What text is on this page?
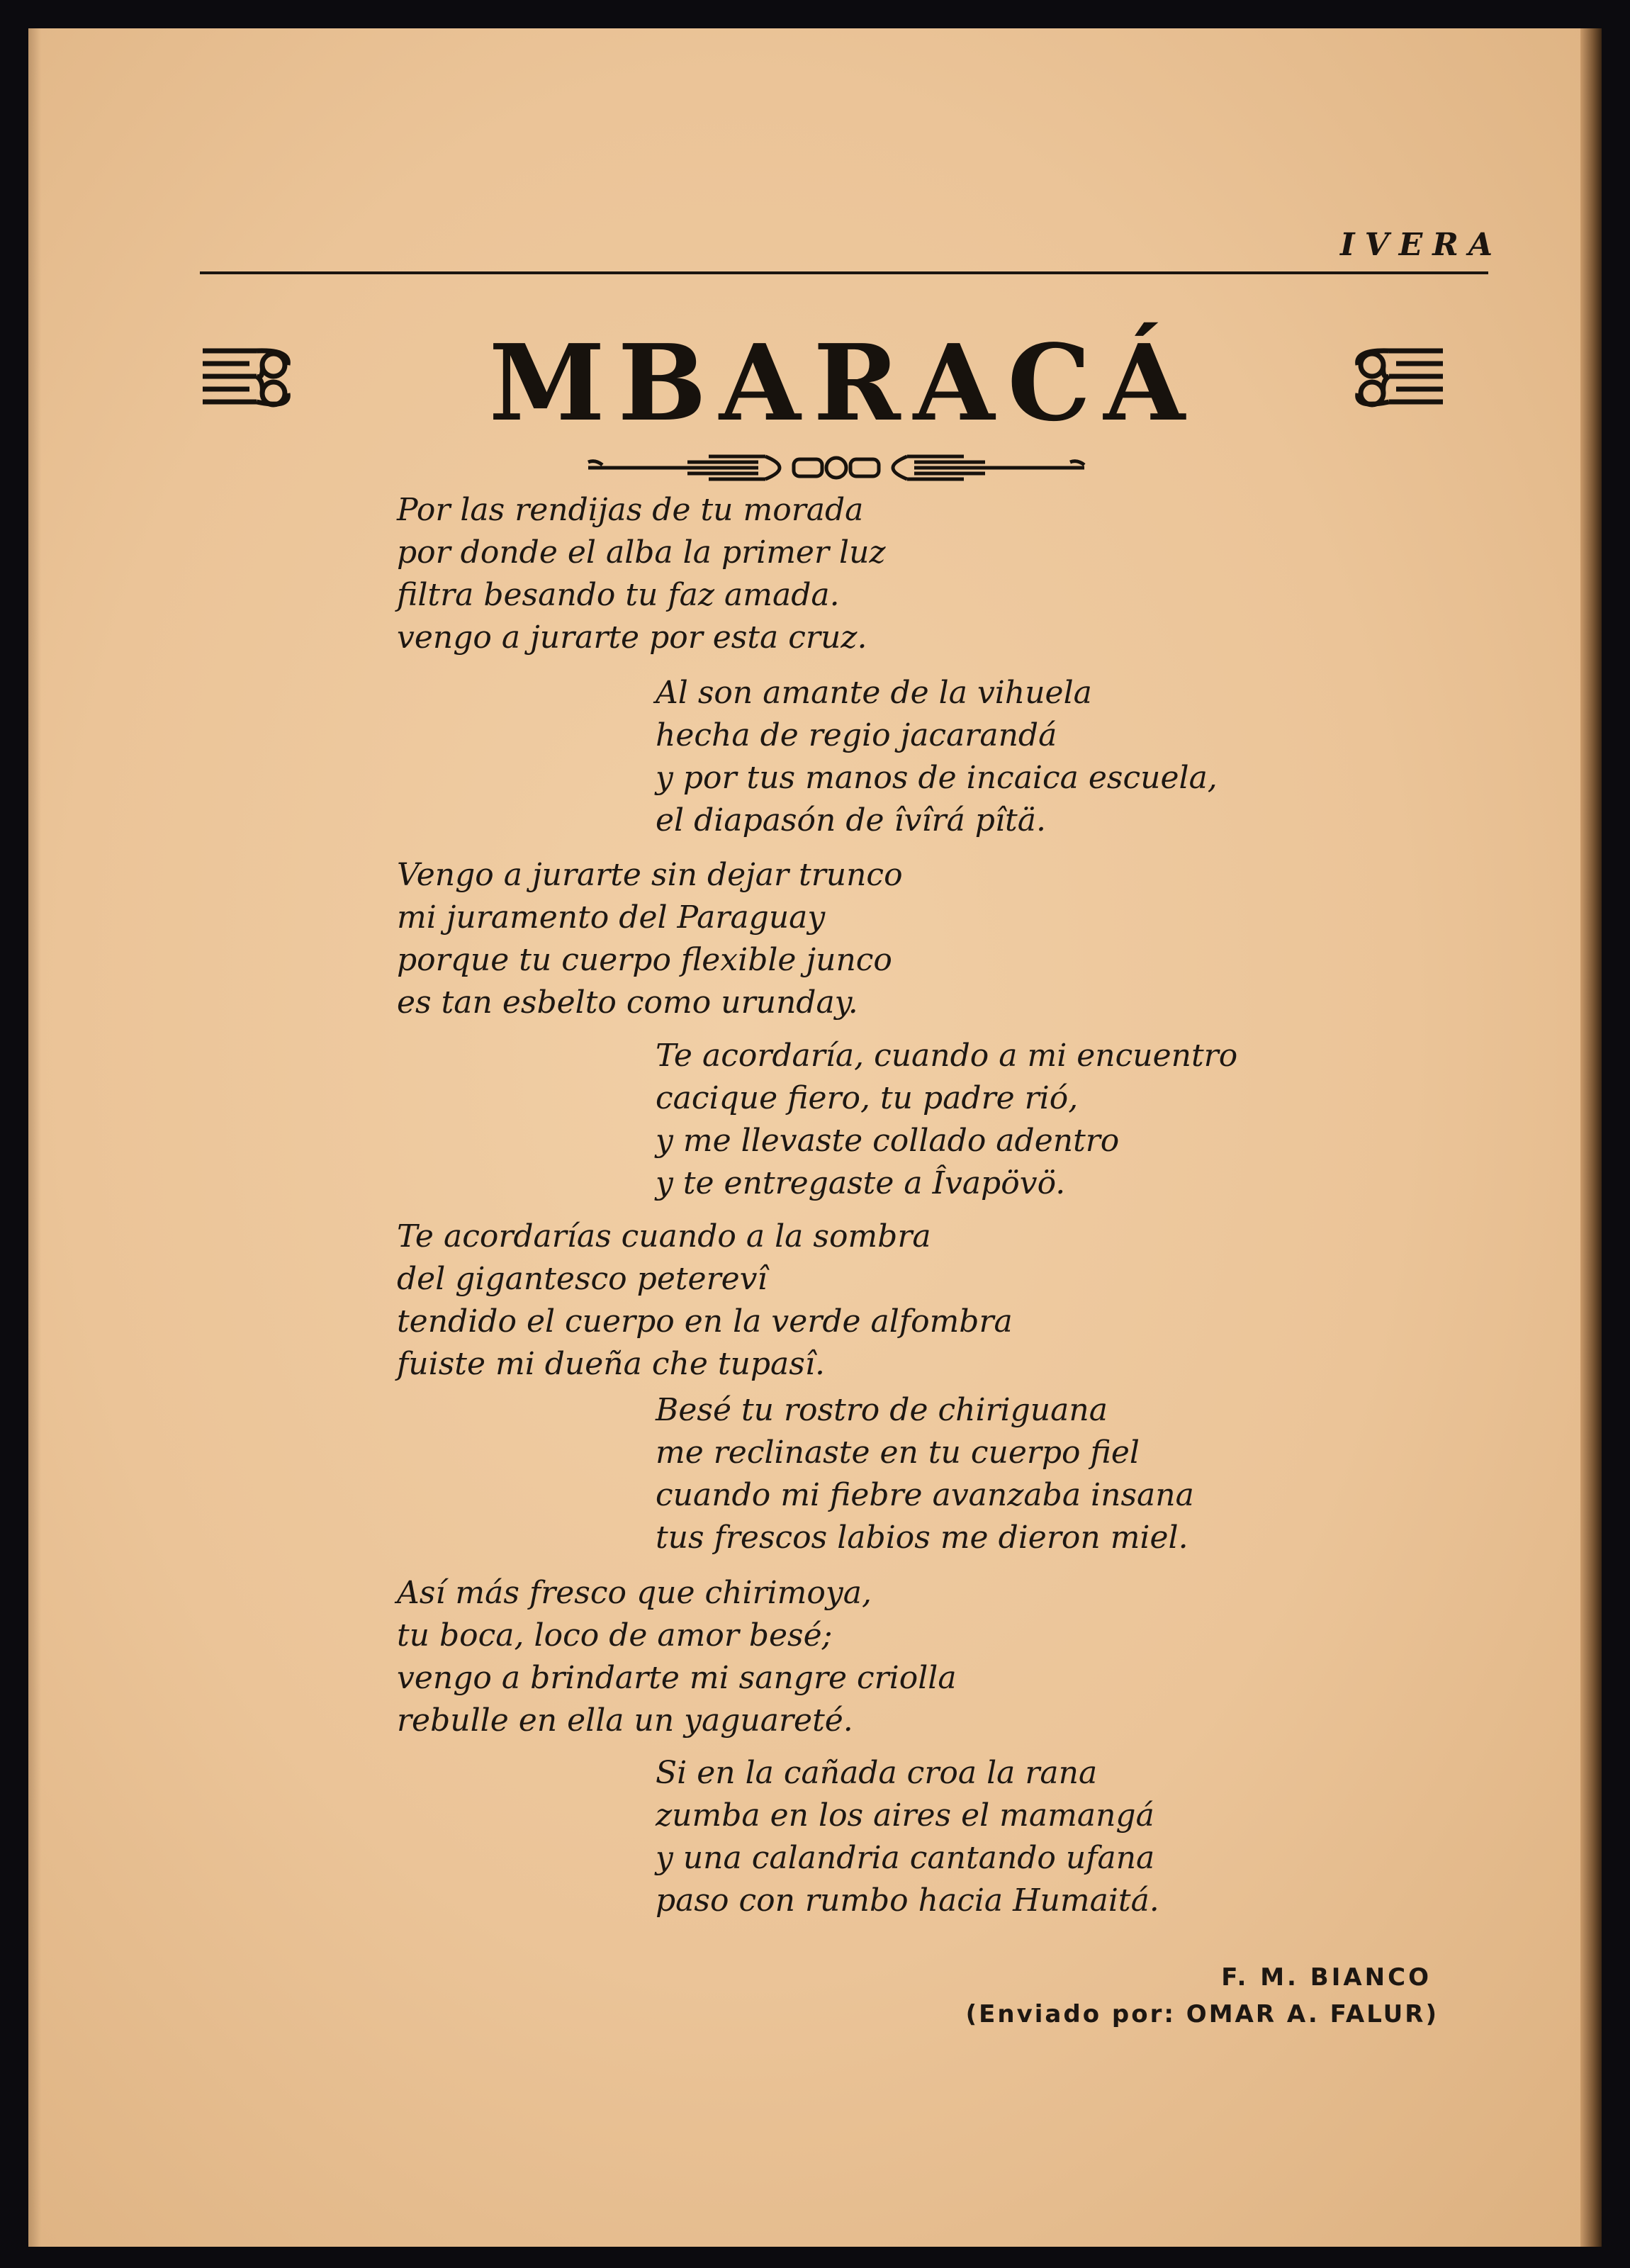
IVERA
MBARACÁ
Por las rendijas de tu morada
por donde el alba la primer luz
filtra besando tu faz amada.
vengo a jurarte por esta cruz.
Al son amante de la vihuela
hecha de regio jacarandá
y por tus manos de incaica escuela,
el diapasón de îvîrá pîtä.
Vengo a jurarte sin dejar trunco
mi juramento del Paraguay
porque tu cuerpo flexible junco
es tan esbelto como urunday.
Te acordaría, cuando a mi encuentro
cacique fiero, tu padre rió,
y me llevaste collado adentro
y te entregaste a Îvapövö.
Te acordarías cuando a la sombra
del gigantesco peterevî
tendido el cuerpo en la verde alfombra
fuiste mi dueña che tupasî.
Besé tu rostro de chiriguana
me reclinaste en tu cuerpo fiel
cuando mi fiebre avanzaba insana
tus frescos labios me dieron miel.
Así más fresco que chirimoya,
tu boca, loco de amor besé;
vengo a brindarte mi sangre criolla
rebulle en ella un yaguareté.
Si en la cañada croa la rana
zumba en los aires el mamangá
y una calandria cantando ufana
paso con rumbo hacia Humaitá.
F. M. BIANCO
(Enviado por: OMAR A. FALUR)
